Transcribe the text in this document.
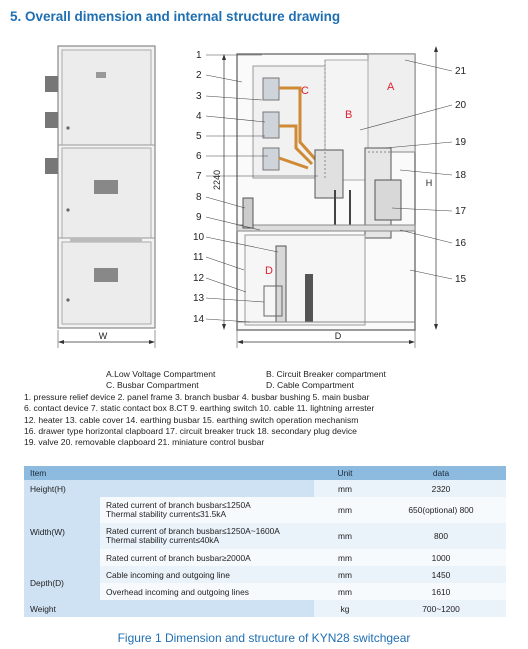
5. Overall dimension and internal structure drawing
W
C
B
A
D
1
2
3
4
5
6
7
8
9
10
11
12
13
14
21
20
19
18
17
16
15
2240	H
D
A.Low Voltage Compartment	B. Circuit Breaker compartment
C. Busbar Compartment	D. Cable Compartment
1. pressure relief device 2. panel frame 3. branch busbar 4. busbar bushing 5. main busbar
6. contact device 7. static contact box 8.CT 9. earthing switch 10. cable 11. lightning arrester
12. heater 13. cable cover 14. earthing busbar 15. earthing switch operation mechanism
16. drawer type horizontal clapboard 17. circuit breaker truck 18. secondary plug device
19. valve 20. removable clapboard 21. miniature control busbar
Item		Unit	data
Height(H)		mm	2320
Width(W)	Rated current of branch busbar≤1250A
Thermal stability current≤31.5kA	mm	650(optional) 800

	Rated current of branch busbar≤1250A~1600A
Thermal stability current≤40kA	mm	800
	Rated current of branch busbar≥2000A	mm	1000
Depth(D)	Cable incoming and outgoing line	mm	1450
	Overhead incoming and outgoing lines	mm	1610
Weight		kg	700~1200
Figure 1 Dimension and structure of KYN28 switchgear
